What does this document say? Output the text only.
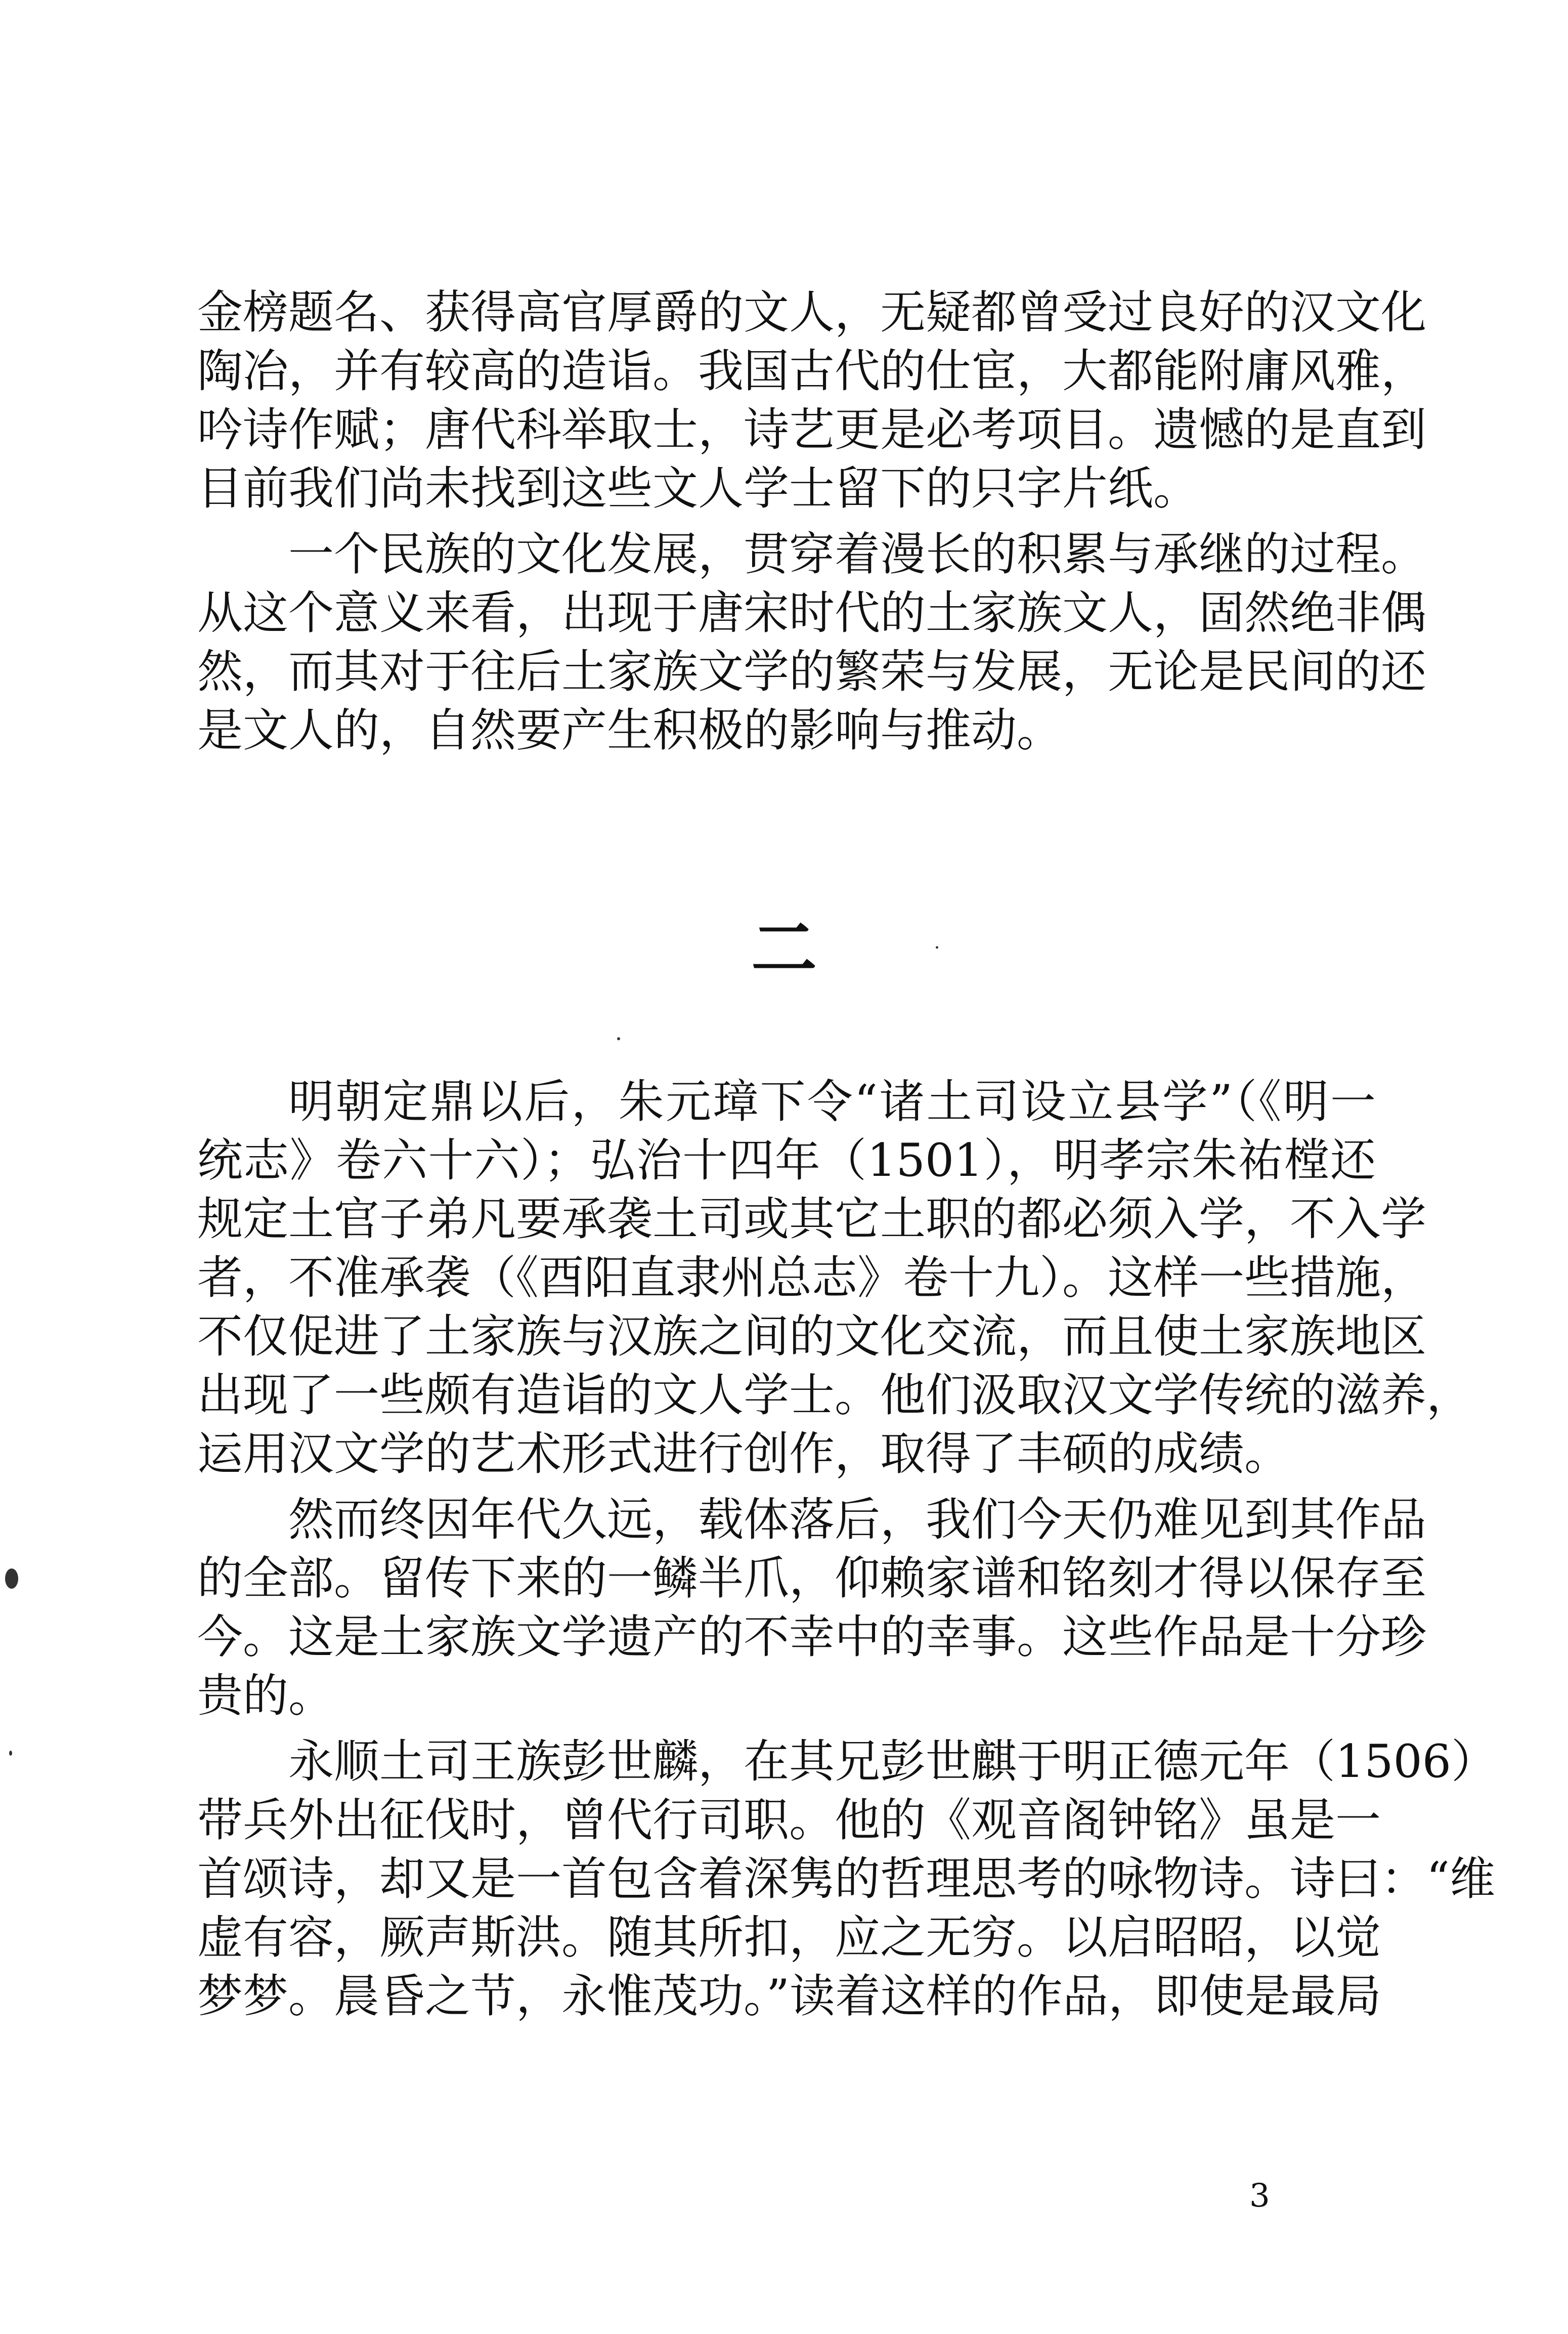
金榜题名、获得高官厚爵的文人，无疑都曾受过良好的汉文化
陶冶，并有较高的造诣。我国古代的仕宦，大都能附庸风雅，
吟诗作赋；唐代科举取士，诗艺更是必考项目。遗憾的是直到
目前我们尚未找到这些文人学士留下的只字片纸。
一个民族的文化发展，贯穿着漫长的积累与承继的过程。
从这个意义来看，出现于唐宋时代的土家族文人，固然绝非偶
然，而其对于往后土家族文学的繁荣与发展，无论是民间的还
是文人的，自然要产生积极的影响与推动。
二
明朝定鼎以后，朱元璋下令“诸土司设立县学”（《明一
统志》卷六十六）；弘治十四年（1501），明孝宗朱祐樘还
规定土官子弟凡要承袭土司或其它土职的都必须入学，不入学
者，不准承袭（《酉阳直隶州总志》卷十九）。这样一些措施，
不仅促进了土家族与汉族之间的文化交流，而且使土家族地区
出现了一些颇有造诣的文人学士。他们汲取汉文学传统的滋养，
运用汉文学的艺术形式进行创作，取得了丰硕的成绩。
然而终因年代久远，载体落后，我们今天仍难见到其作品
的全部。留传下来的一鳞半爪，仰赖家谱和铭刻才得以保存至
今。这是土家族文学遗产的不幸中的幸事。这些作品是十分珍
贵的。
永顺土司王族彭世麟，在其兄彭世麒于明正德元年（1506）
带兵外出征伐时，曾代行司职。他的《观音阁钟铭》虽是一
首颂诗，却又是一首包含着深隽的哲理思考的咏物诗。诗曰：“维
虚有容，厥声斯洪。随其所扣，应之无穷。以启昭昭，以觉
梦梦。晨昏之节，永惟茂功。”读着这样的作品，即使是最局
3
